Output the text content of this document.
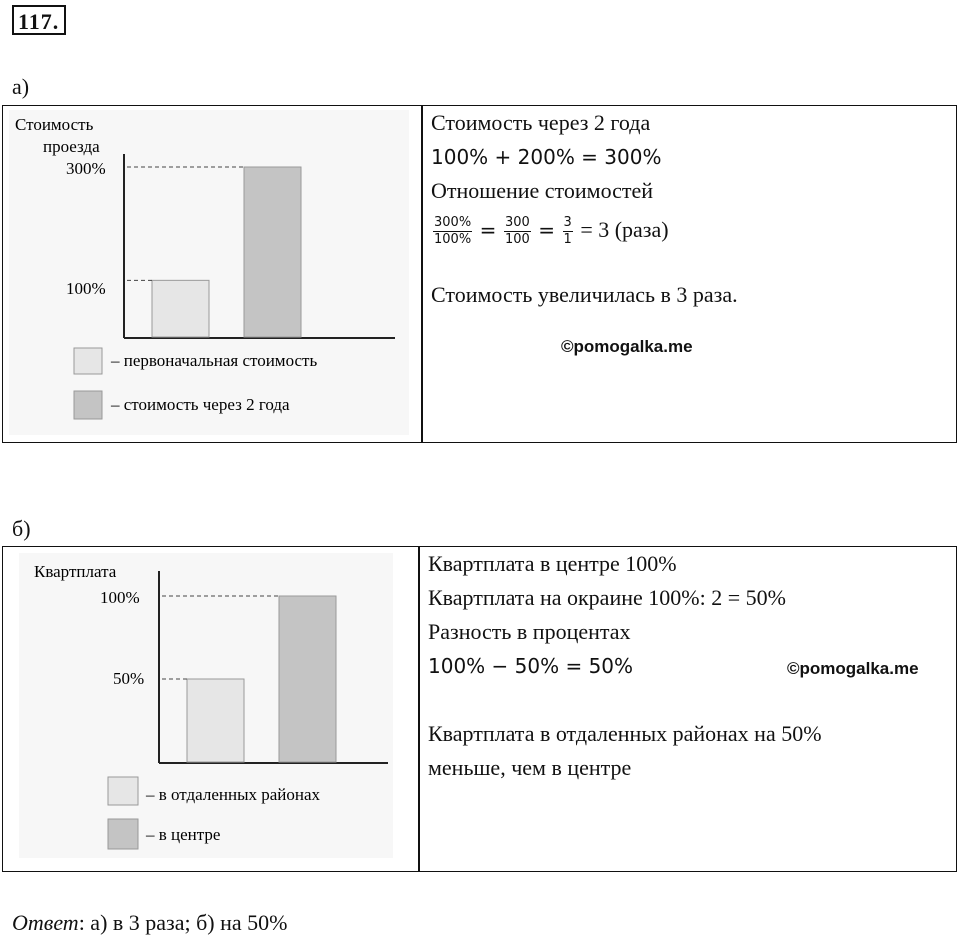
117.
а)
Стоимость
проезда
300%
100%
– первоначальная стоимость
– стоимость через 2 года
Стоимость через 2 года
100% + 200% = 300%
Отношение стоимостей
$\frac{300\%}{100\%} = \frac{300}{100} = \frac{3}{1} = 3$ (раза)
Стоимость увеличилась в 3 раза.
©pomogalka.me
б)
Квартплата
100%
50%
– в отдаленных районах
– в центре
Квартплата в центре 100%
Квартплата на окраине 100%: 2 = 50%
Разность в процентах
100% − 50% = 50%
Квартплата в отдаленных районах на 50%
меньше, чем в центре
©pomogalka.me
Ответ: а) в 3 раза; б) на 50%
